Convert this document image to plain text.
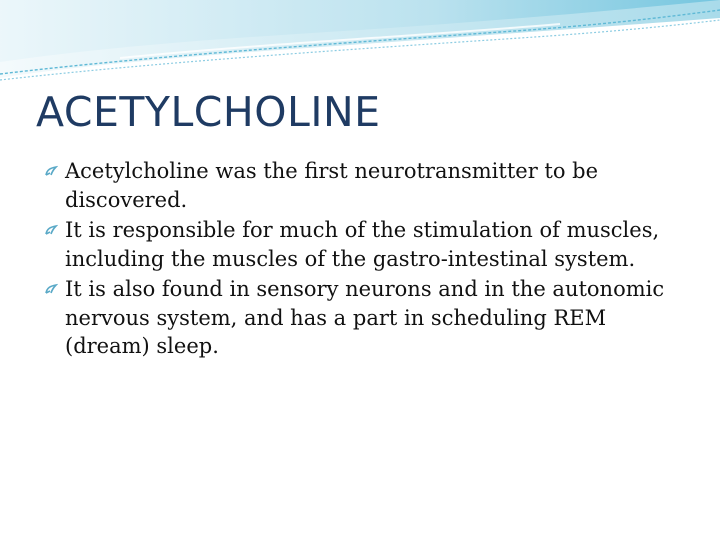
ACETYLCHOLINE
Acetylcholine was the first neurotransmitter to be discovered.
It is responsible for much of the stimulation of muscles, including the muscles of the gastro-intestinal system.
It is also found in sensory neurons and in the autonomic nervous system, and has a part in scheduling REM (dream) sleep.
